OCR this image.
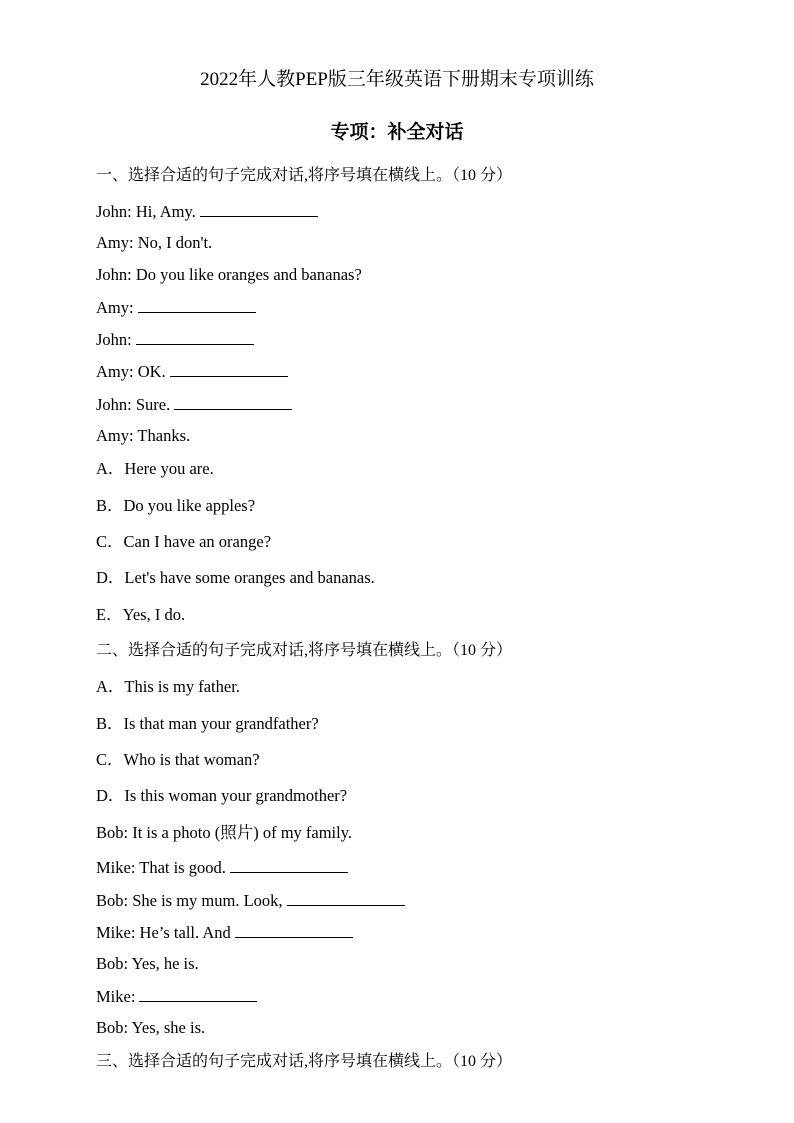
2022年人教PEP版三年级英语下册期末专项训练
专项：补全对话
一、选择合适的句子完成对话,将序号填在横线上。（10 分）
John: Hi, Amy.
Amy: No, I don't.
John: Do you like oranges and bananas?
Amy:
John:
Amy: OK.
John: Sure.
Amy: Thanks.
A．Here you are.
B．Do you like apples?
C．Can I have an orange?
D．Let's have some oranges and bananas.
E．Yes, I do.
二、选择合适的句子完成对话,将序号填在横线上。（10 分）
A．This is my father.
B．Is that man your grandfather?
C．Who is that woman?
D．Is this woman your grandmother?
Bob: It is a photo (照片) of my family.
Mike: That is good.
Bob: She is my mum. Look,
Mike: He’s tall. And
Bob: Yes, he is.
Mike:
Bob: Yes, she is.
三、选择合适的句子完成对话,将序号填在横线上。（10 分）
